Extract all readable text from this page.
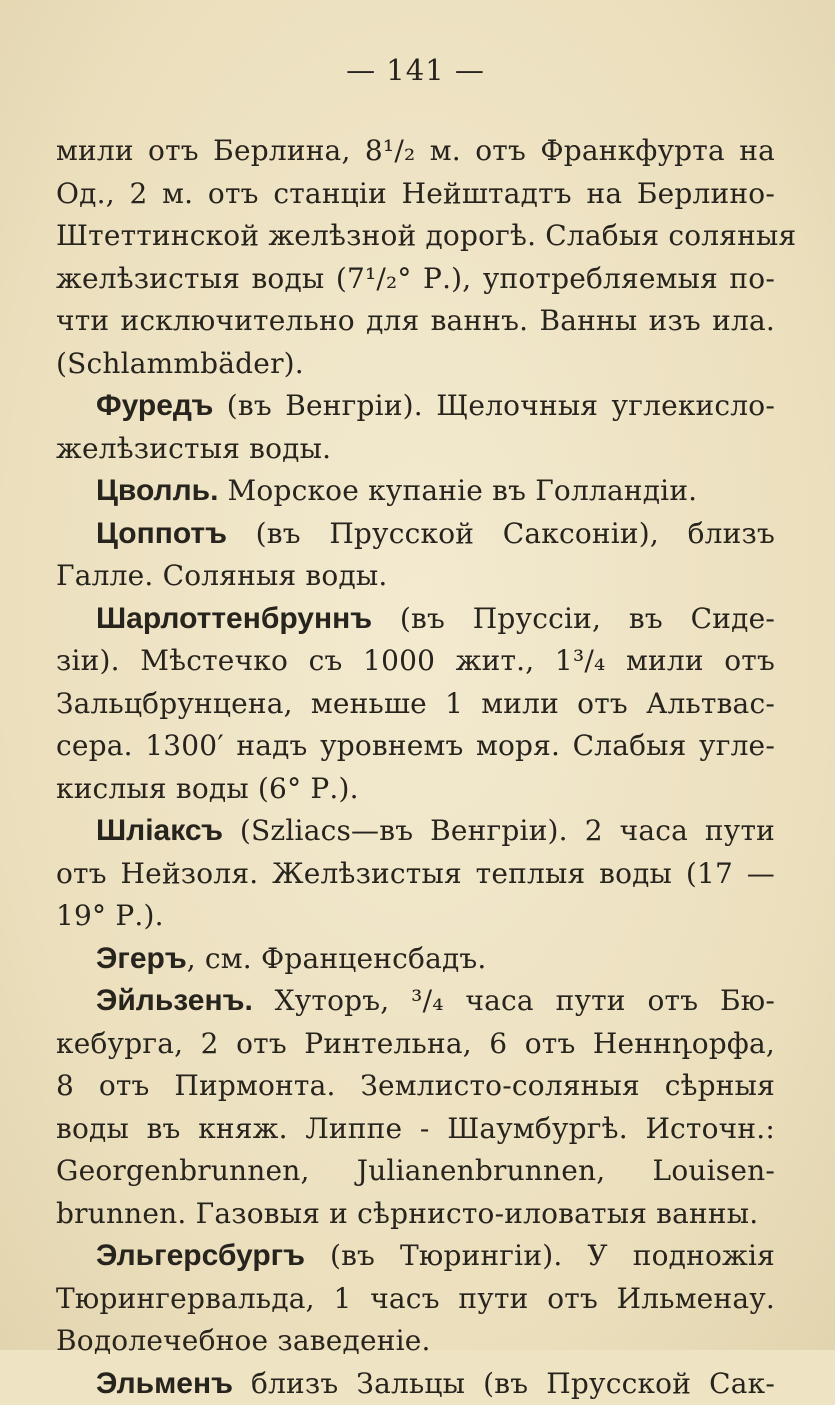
— 141 —
мили отъ Берлина, 8¹/₂ м. отъ Франкфурта на
Од., 2 м. отъ станціи Нейштадтъ на Берлино-
Штеттинской желѣзной дорогѣ. Слабыя соляныя
желѣзистыя воды (7¹/₂° Р.), употребляемыя по-
чти исключительно для ваннъ. Ванны изъ ила.
(Schlammbäder).
Фуредъ (въ Венгріи). Щелочныя углекисло-
желѣзистыя воды.
Цволль. Морское купаніе въ Голландіи.
Цоппотъ (въ Прусской Саксоніи), близъ
Галле. Соляныя воды.
Шарлоттенбруннъ (въ Пруссіи, въ Сиде-
зіи). Мѣстечко съ 1000 жит., 1³/₄ мили отъ
Зальцбрунцена, меньше 1 мили отъ Альтвас-
сера. 1300′ надъ уровнемъ моря. Слабыя угле-
кислыя воды (6° Р.).
Шліаксъ (Szliacs—въ Венгріи). 2 часа пути
отъ Нейзоля. Желѣзистыя теплыя воды (17 —
19° Р.).
Эгеръ, см. Франценсбадъ.
Эйльзенъ. Хуторъ, ³/₄ часа пути отъ Бю-
кебурга, 2 отъ Ринтельна, 6 отъ Неннդорфа,
8 отъ Пирмонта. Землисто-соляныя сѣрныя
воды въ княж. Липпе - Шаумбургѣ. Источн.:
Georgenbrunnen, Julianenbrunnen, Louisen-
brunnen. Газовыя и сѣрнисто-иловатыя ванны.
Эльгерсбургъ (въ Тюрингіи). У подножія
Тюрингервальда, 1 часъ пути отъ Ильменау.
Водолечебное заведеніе.
Эльменъ близъ Зальцы (въ Прусской Сак-
